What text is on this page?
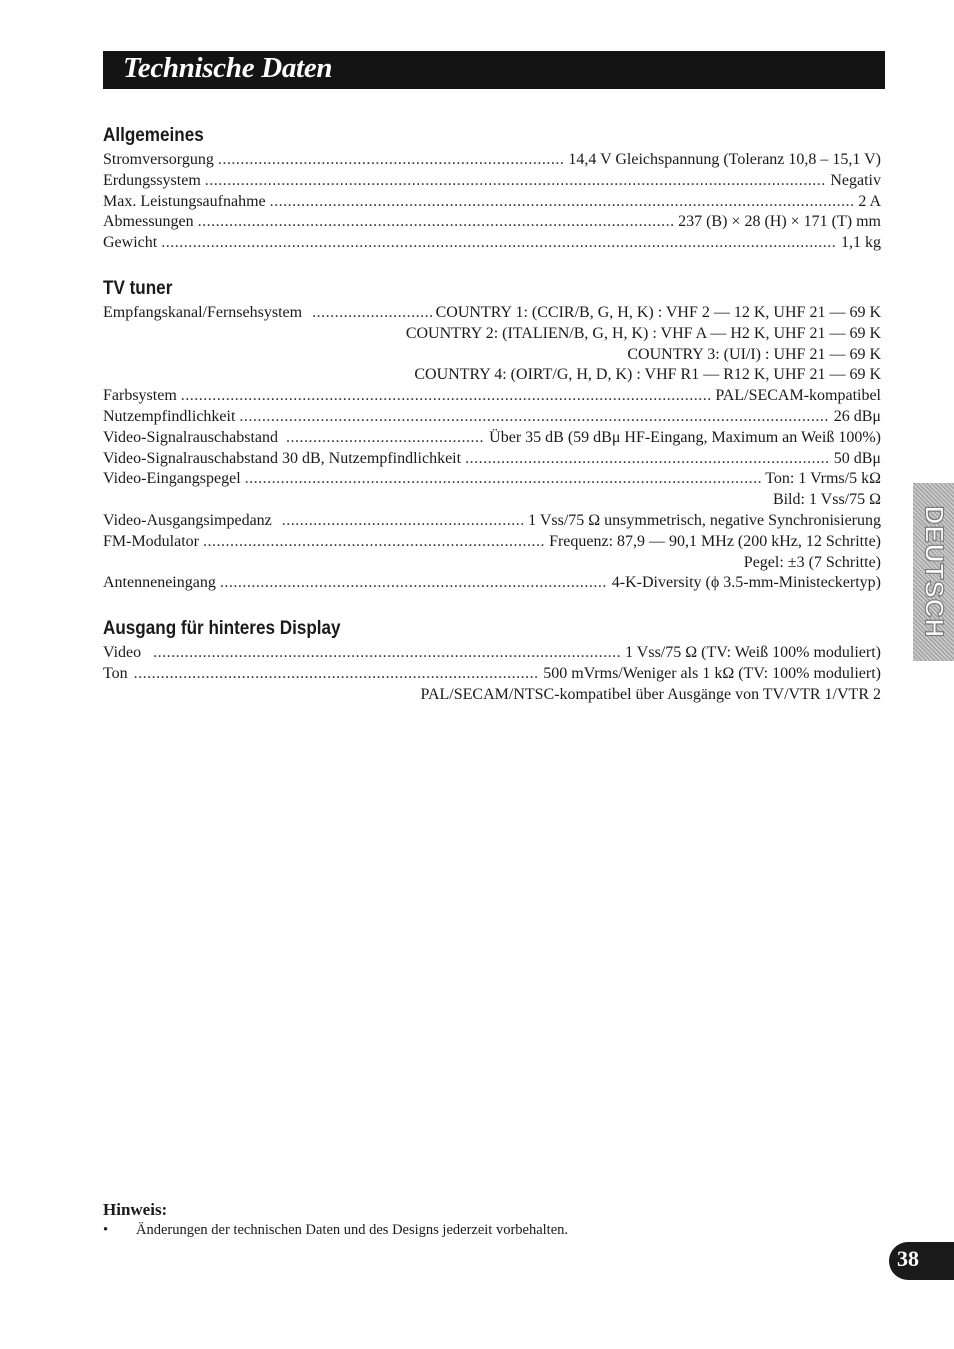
Technische Daten
Allgemeines
Stromversorgung .....	14,4 V Gleichspannung (Toleranz 10,8 – 15,1 V)
Erdungssystem .....	Negativ
Max. Leistungsaufnahme .....	2 A
Abmessungen .....	237 (B) × 28 (H) × 171 (T) mm
Gewicht .....	1,1 kg
TV tuner
Empfangskanal/Fernsehsystem .....	COUNTRY 1: (CCIR/B, G, H, K) : VHF 2 — 12 K, UHF 21 — 69 K
COUNTRY 2: (ITALIEN/B, G, H, K) : VHF A — H2 K, UHF 21 — 69 K
COUNTRY 3: (UI/I) : UHF 21 — 69 K
COUNTRY 4: (OIRT/G, H, D, K) : VHF R1 — R12 K, UHF 21 — 69 K
Farbsystem .....	PAL/SECAM-kompatibel
Nutzempfindlichkeit .....	26 dBμ
Video-Signalrauschabstand .....	Über 35 dB (59 dBμ HF-Eingang, Maximum an Weiß 100%)
Video-Signalrauschabstand 30 dB, Nutzempfindlichkeit .....	50 dBμ
Video-Eingangspegel .....	Ton: 1 Vrms/5 kΩ
Bild: 1 Vss/75 Ω
Video-Ausgangsimpedanz .....	1 Vss/75 Ω unsymmetrisch, negative Synchronisierung
FM-Modulator .....	Frequenz: 87,9 — 90,1 MHz (200 kHz, 12 Schritte)
Pegel: ±3 (7 Schritte)
Antenneneingang .....	4-K-Diversity (ϕ 3.5-mm-Ministeckertyp)
Ausgang für hinteres Display
Video .....	1 Vss/75 Ω (TV: Weiß 100% moduliert)
Ton .....	500 mVrms/Weniger als 1 kΩ (TV: 100% moduliert)
PAL/SECAM/NTSC-kompatibel über Ausgänge von TV/VTR 1/VTR 2
Hinweis:
• Änderungen der technischen Daten und des Designs jederzeit vorbehalten.
DEUTSCH
38
